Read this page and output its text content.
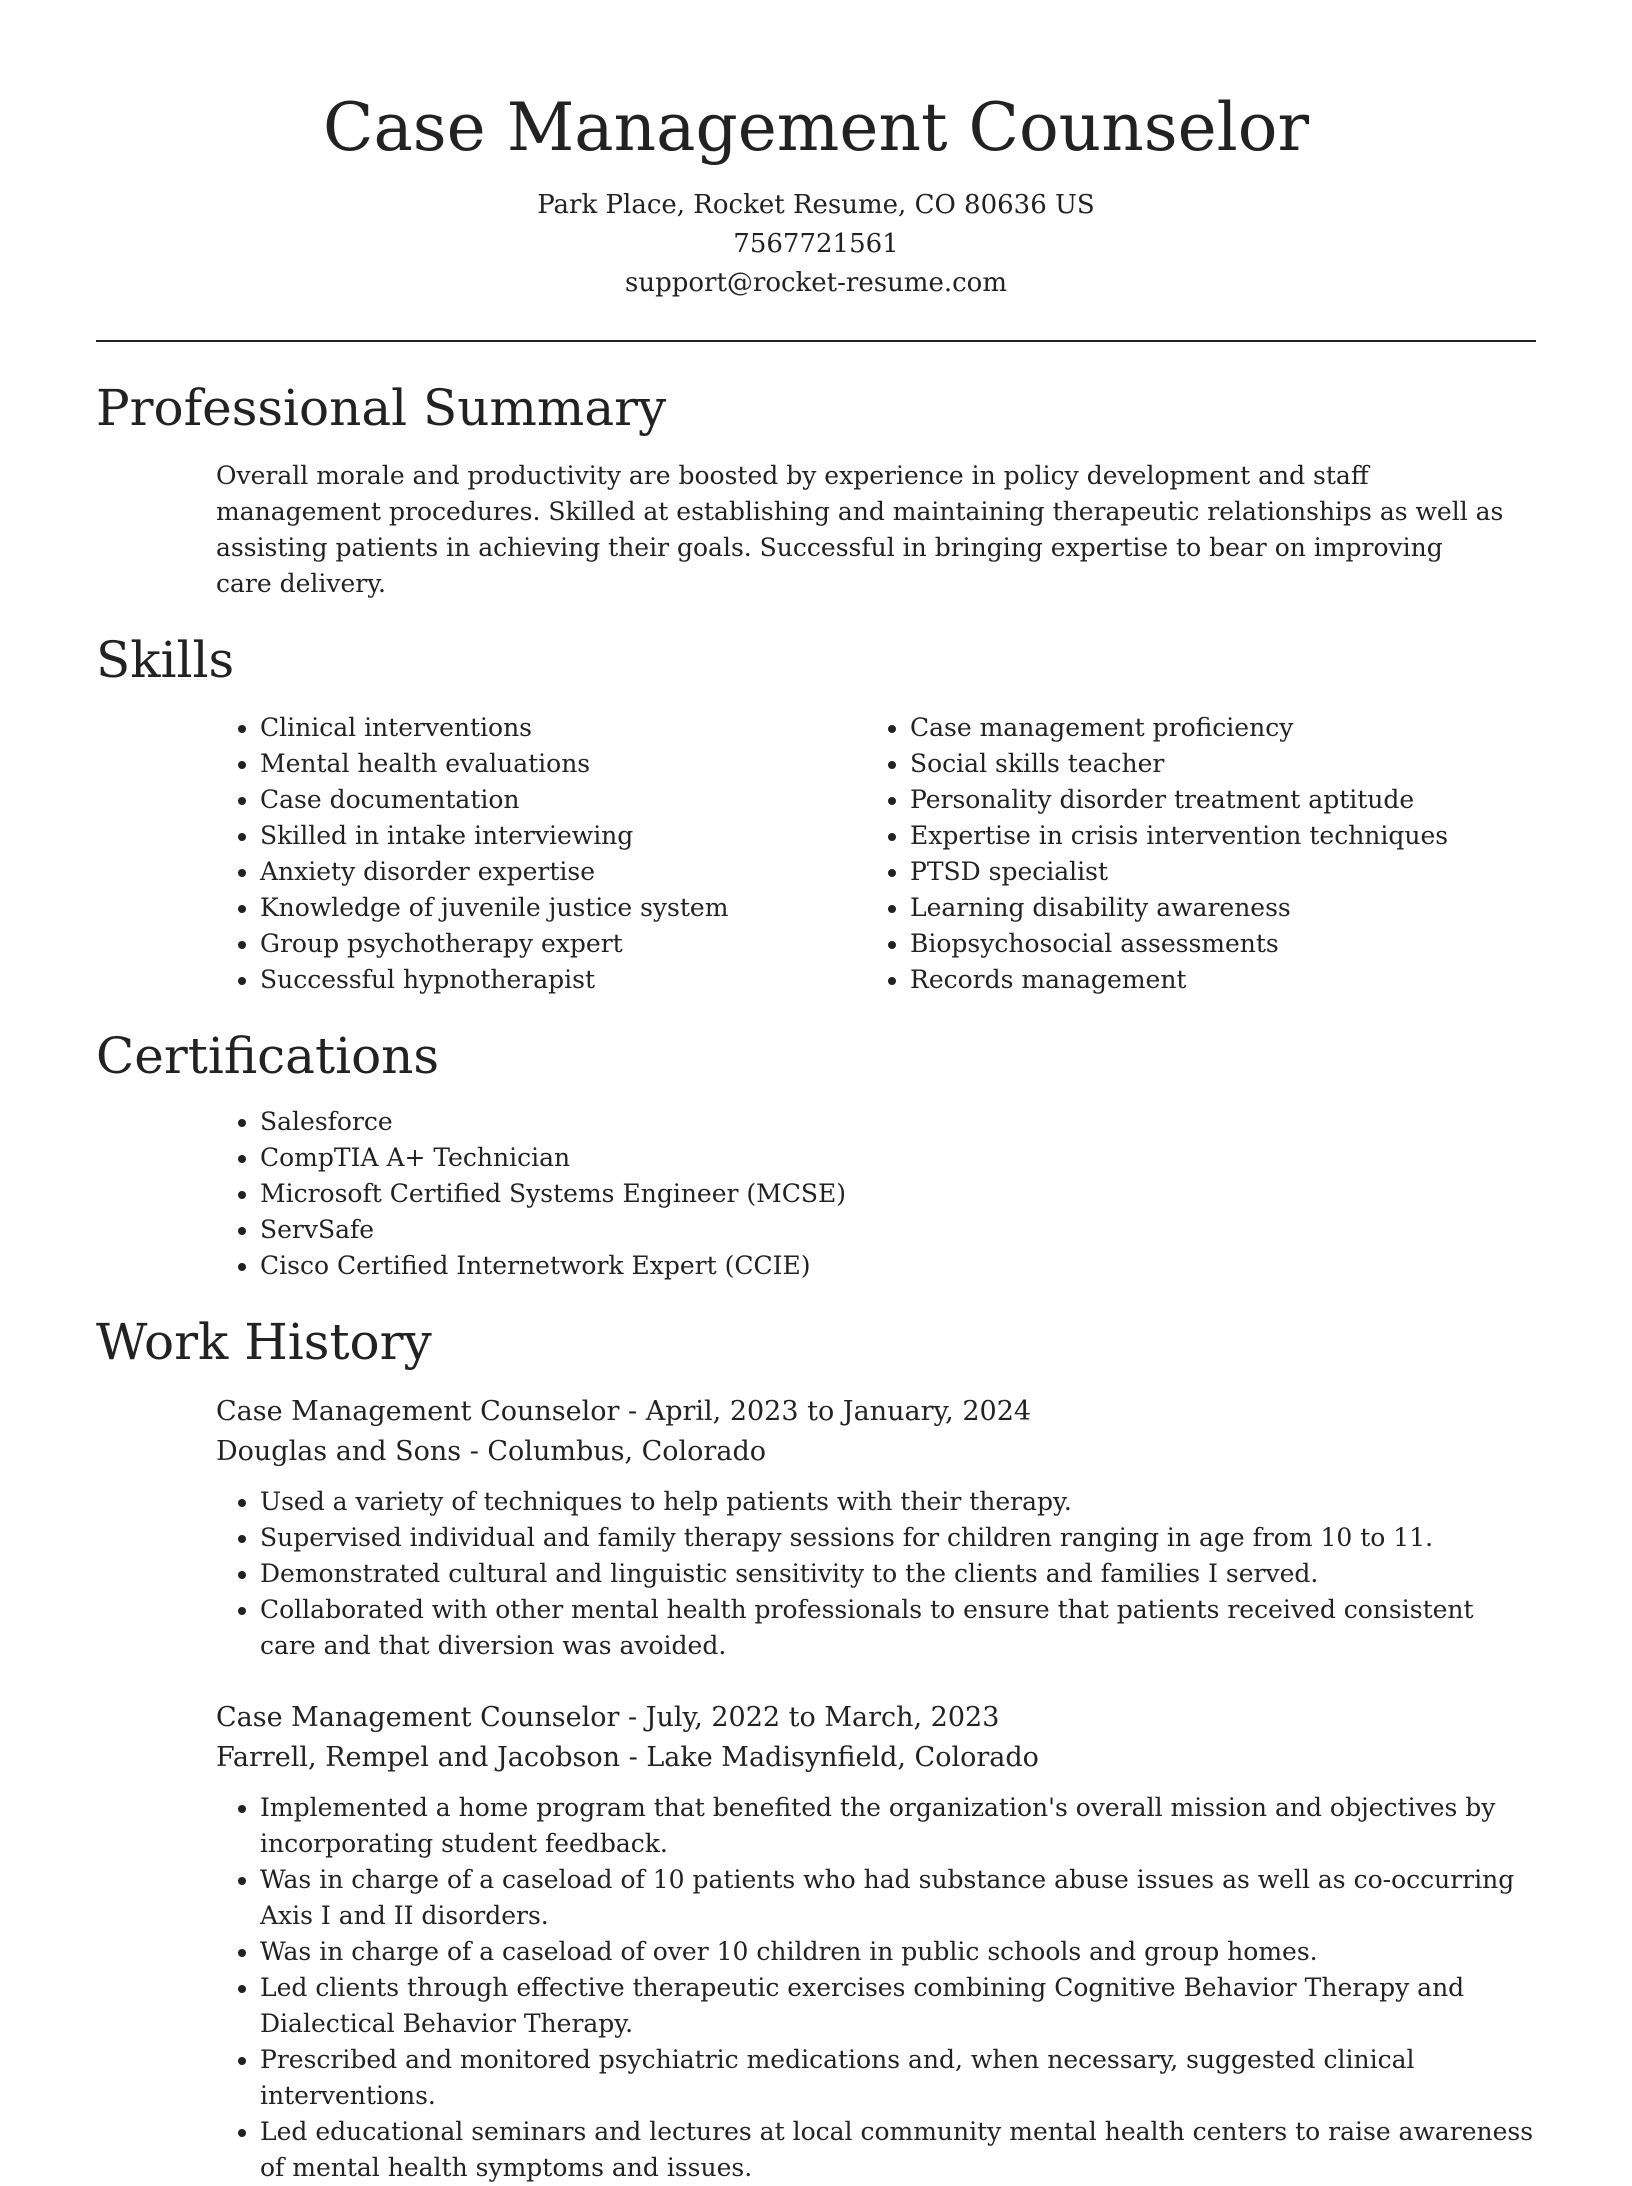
Case Management Counselor
Park Place, Rocket Resume, CO 80636 US
7567721561
support@rocket-resume.com
Professional Summary
Overall morale and productivity are boosted by experience in policy development and staff management procedures. Skilled at establishing and maintaining therapeutic relationships as well as assisting patients in achieving their goals. Successful in bringing expertise to bear on improving care delivery.
Skills
• Clinical interventions
• Mental health evaluations
• Case documentation
• Skilled in intake interviewing
• Anxiety disorder expertise
• Knowledge of juvenile justice system
• Group psychotherapy expert
• Successful hypnotherapist
• Case management proficiency
• Social skills teacher
• Personality disorder treatment aptitude
• Expertise in crisis intervention techniques
• PTSD specialist
• Learning disability awareness
• Biopsychosocial assessments
• Records management
Certifications
• Salesforce
• CompTIA A+ Technician
• Microsoft Certified Systems Engineer (MCSE)
• ServSafe
• Cisco Certified Internetwork Expert (CCIE)
Work History
Case Management Counselor - April, 2023 to January, 2024
Douglas and Sons - Columbus, Colorado
• Used a variety of techniques to help patients with their therapy.
• Supervised individual and family therapy sessions for children ranging in age from 10 to 11.
• Demonstrated cultural and linguistic sensitivity to the clients and families I served.
• Collaborated with other mental health professionals to ensure that patients received consistent care and that diversion was avoided.
Case Management Counselor - July, 2022 to March, 2023
Farrell, Rempel and Jacobson - Lake Madisynfield, Colorado
• Implemented a home program that benefited the organization's overall mission and objectives by incorporating student feedback.
• Was in charge of a caseload of 10 patients who had substance abuse issues as well as co-occurring Axis I and II disorders.
• Was in charge of a caseload of over 10 children in public schools and group homes.
• Led clients through effective therapeutic exercises combining Cognitive Behavior Therapy and Dialectical Behavior Therapy.
• Prescribed and monitored psychiatric medications and, when necessary, suggested clinical interventions.
• Led educational seminars and lectures at local community mental health centers to raise awareness of mental health symptoms and issues.
